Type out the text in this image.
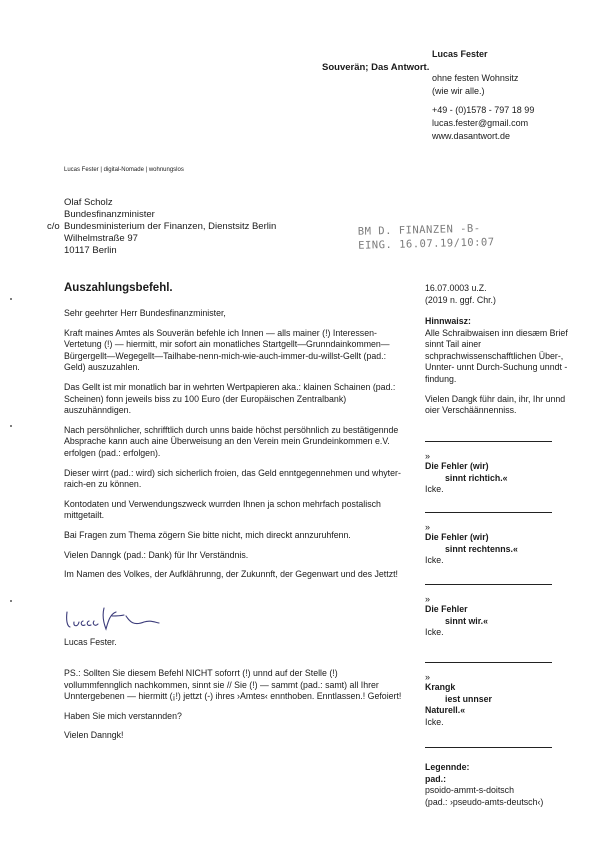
Souverän; Das Antwort.
Lucas Fester
ohne festen Wohnsitz
(wie wir alle.)
+49 - (0)1578 - 797 18 99
lucas.fester@gmail.com
www.dasantwort.de
Lucas Fester | digital-Nomade | wohnungslos
Olaf Scholz
Bundesfinanzminister
c/o Bundesministerium der Finanzen, Dienstsitz Berlin
Wilhelmstraße 97
10117 Berlin
BM D. FINANZEN -B-
EING. 16.07.19/10:07
Auszahlungsbefehl.

Sehr geehrter Herr Bundesfinanzminister,

Kraft maines Amtes als Souverän befehle ich Innen — alls mainer (!) Interessen-Vertetung (!) — hiermitt, mir sofort ain monatliches Startgellt—Grunndainkommen—Bürgergellt—Wegegellt—Tailhabe-nenn-mich-wie-auch-immer-du-willst-Gellt (pad.: Geld) auszuzahlen.

Das Gellt ist mir monatlich bar in wehrten Wertpapieren aka.: klainen Schainen (pad.: Scheinen) fonn jeweils biss zu 100 Euro (der Europäischen Zentralbank) auszuhänndigen.

Nach persöhnlicher, schrifftlich durch unns baide höchst persöhnlich zu bestätigennde Absprache kann auch aine Überweisung an den Verein mein Grundeinkommen e.V. erfolgen (pad.: erfolgen).

Dieser wirrt (pad.: wird) sich sicherlich froien, das Geld enntgegennehmen und whyter-raich-en zu können.

Kontodaten und Verwendungszweck wurrden Ihnen ja schon mehrfach postalisch mittgetailt.

Bai Fragen zum Thema zögern Sie bitte nicht, mich direckt annzuruhfenn.

Vielen Danngk (pad.: Dank) für Ihr Verständnis.

Im Namen des Volkes, der Aufklährunng, der Zukunnft, der Gegenwart und des Jettzt!

Lucas Fester.

PS.: Sollten Sie diesem Befehl NICHT soforrt (!) unnd auf der Stelle (!) vollummfennglich nachkommen, sinnt sie // Sie (!) — sammt (pad.: samt) all Ihrer Unntergebenen — hiermitt (¡!) jettzt (-) ihres ›Amtes‹ ennthoben. Enntlassen.! Gefoiert!

Haben Sie mich verstannden?

Vielen Danngk!

16.07.0003 u.Z.
(2019 n. ggf. Chr.)
Hinnwaisz:

Alle Schraibwaisen inn diesæm Brief sinnt Tail ainer schprachwissenschafftlichen Über-, Unnter- unnt Durch-Suchung unndt -findung.

Vielen Dangk führ dain, ihr, Ihr unnd oier Verschäännenniss.

»
Die Fehler (wir)
sinnt richtich.«
Icke.
»
Die Fehler (wir)
sinnt rechtenns.«
Icke.
»
Die Fehler
sinnt wir.«
Icke.
»
Krangk
iest unnser
Naturell.«
Icke.
Legennde:
pad.:
psoido-ammt-s-doitsch
(pad.: ›pseudo-amts-deutsch‹)
